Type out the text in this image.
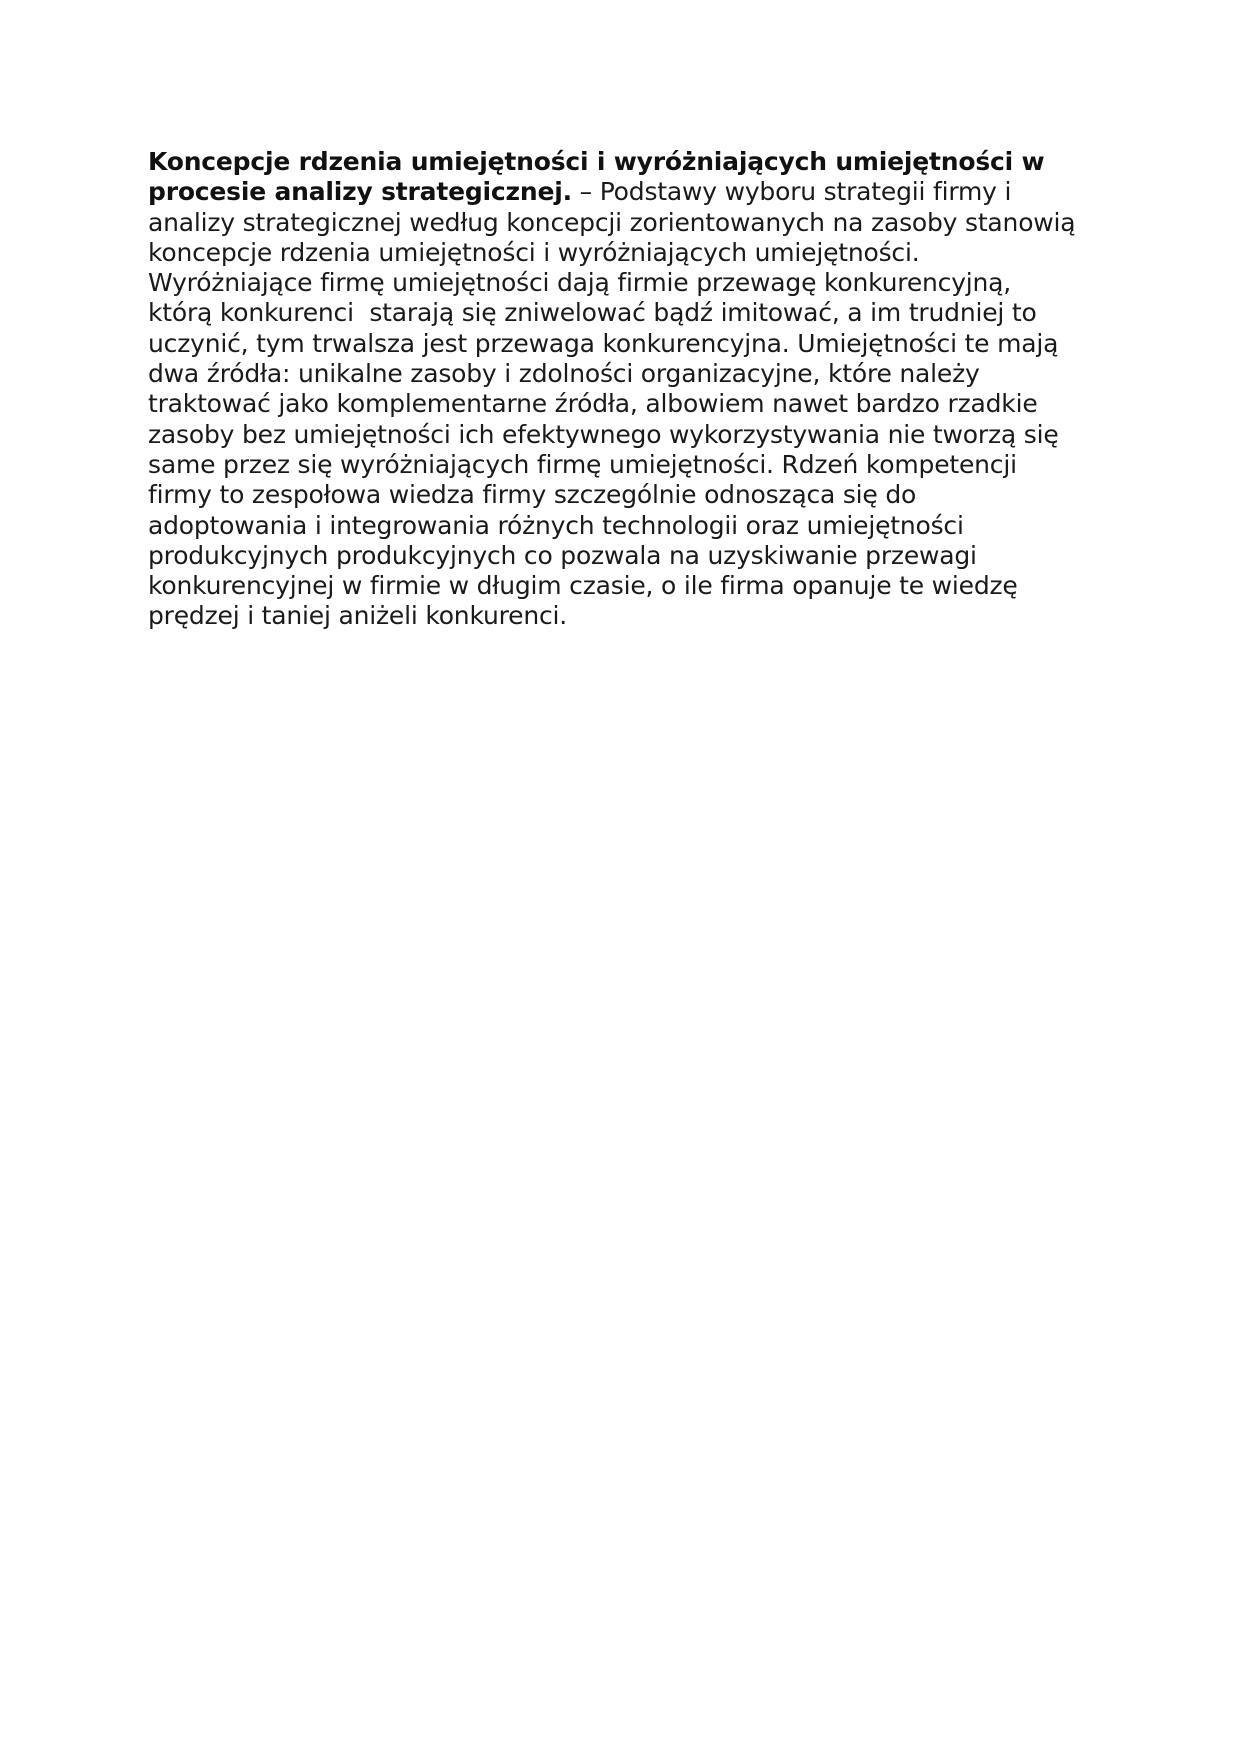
Koncepcje rdzenia umiejętności i wyróżniających umiejętności w
procesie analizy strategicznej. – Podstawy wyboru strategii firmy i
analizy strategicznej według koncepcji zorientowanych na zasoby stanowią
koncepcje rdzenia umiejętności i wyróżniających umiejętności.
Wyróżniające firmę umiejętności dają firmie przewagę konkurencyjną,
którą konkurenci  starają się zniwelować bądź imitować, a im trudniej to
uczynić, tym trwalsza jest przewaga konkurencyjna. Umiejętności te mają
dwa źródła: unikalne zasoby i zdolności organizacyjne, które należy
traktować jako komplementarne źródła, albowiem nawet bardzo rzadkie
zasoby bez umiejętności ich efektywnego wykorzystywania nie tworzą się
same przez się wyróżniających firmę umiejętności. Rdzeń kompetencji
firmy to zespołowa wiedza firmy szczególnie odnosząca się do
adoptowania i integrowania różnych technologii oraz umiejętności
produkcyjnych produkcyjnych co pozwala na uzyskiwanie przewagi
konkurencyjnej w firmie w długim czasie, o ile firma opanuje te wiedzę
prędzej i taniej aniżeli konkurenci.
